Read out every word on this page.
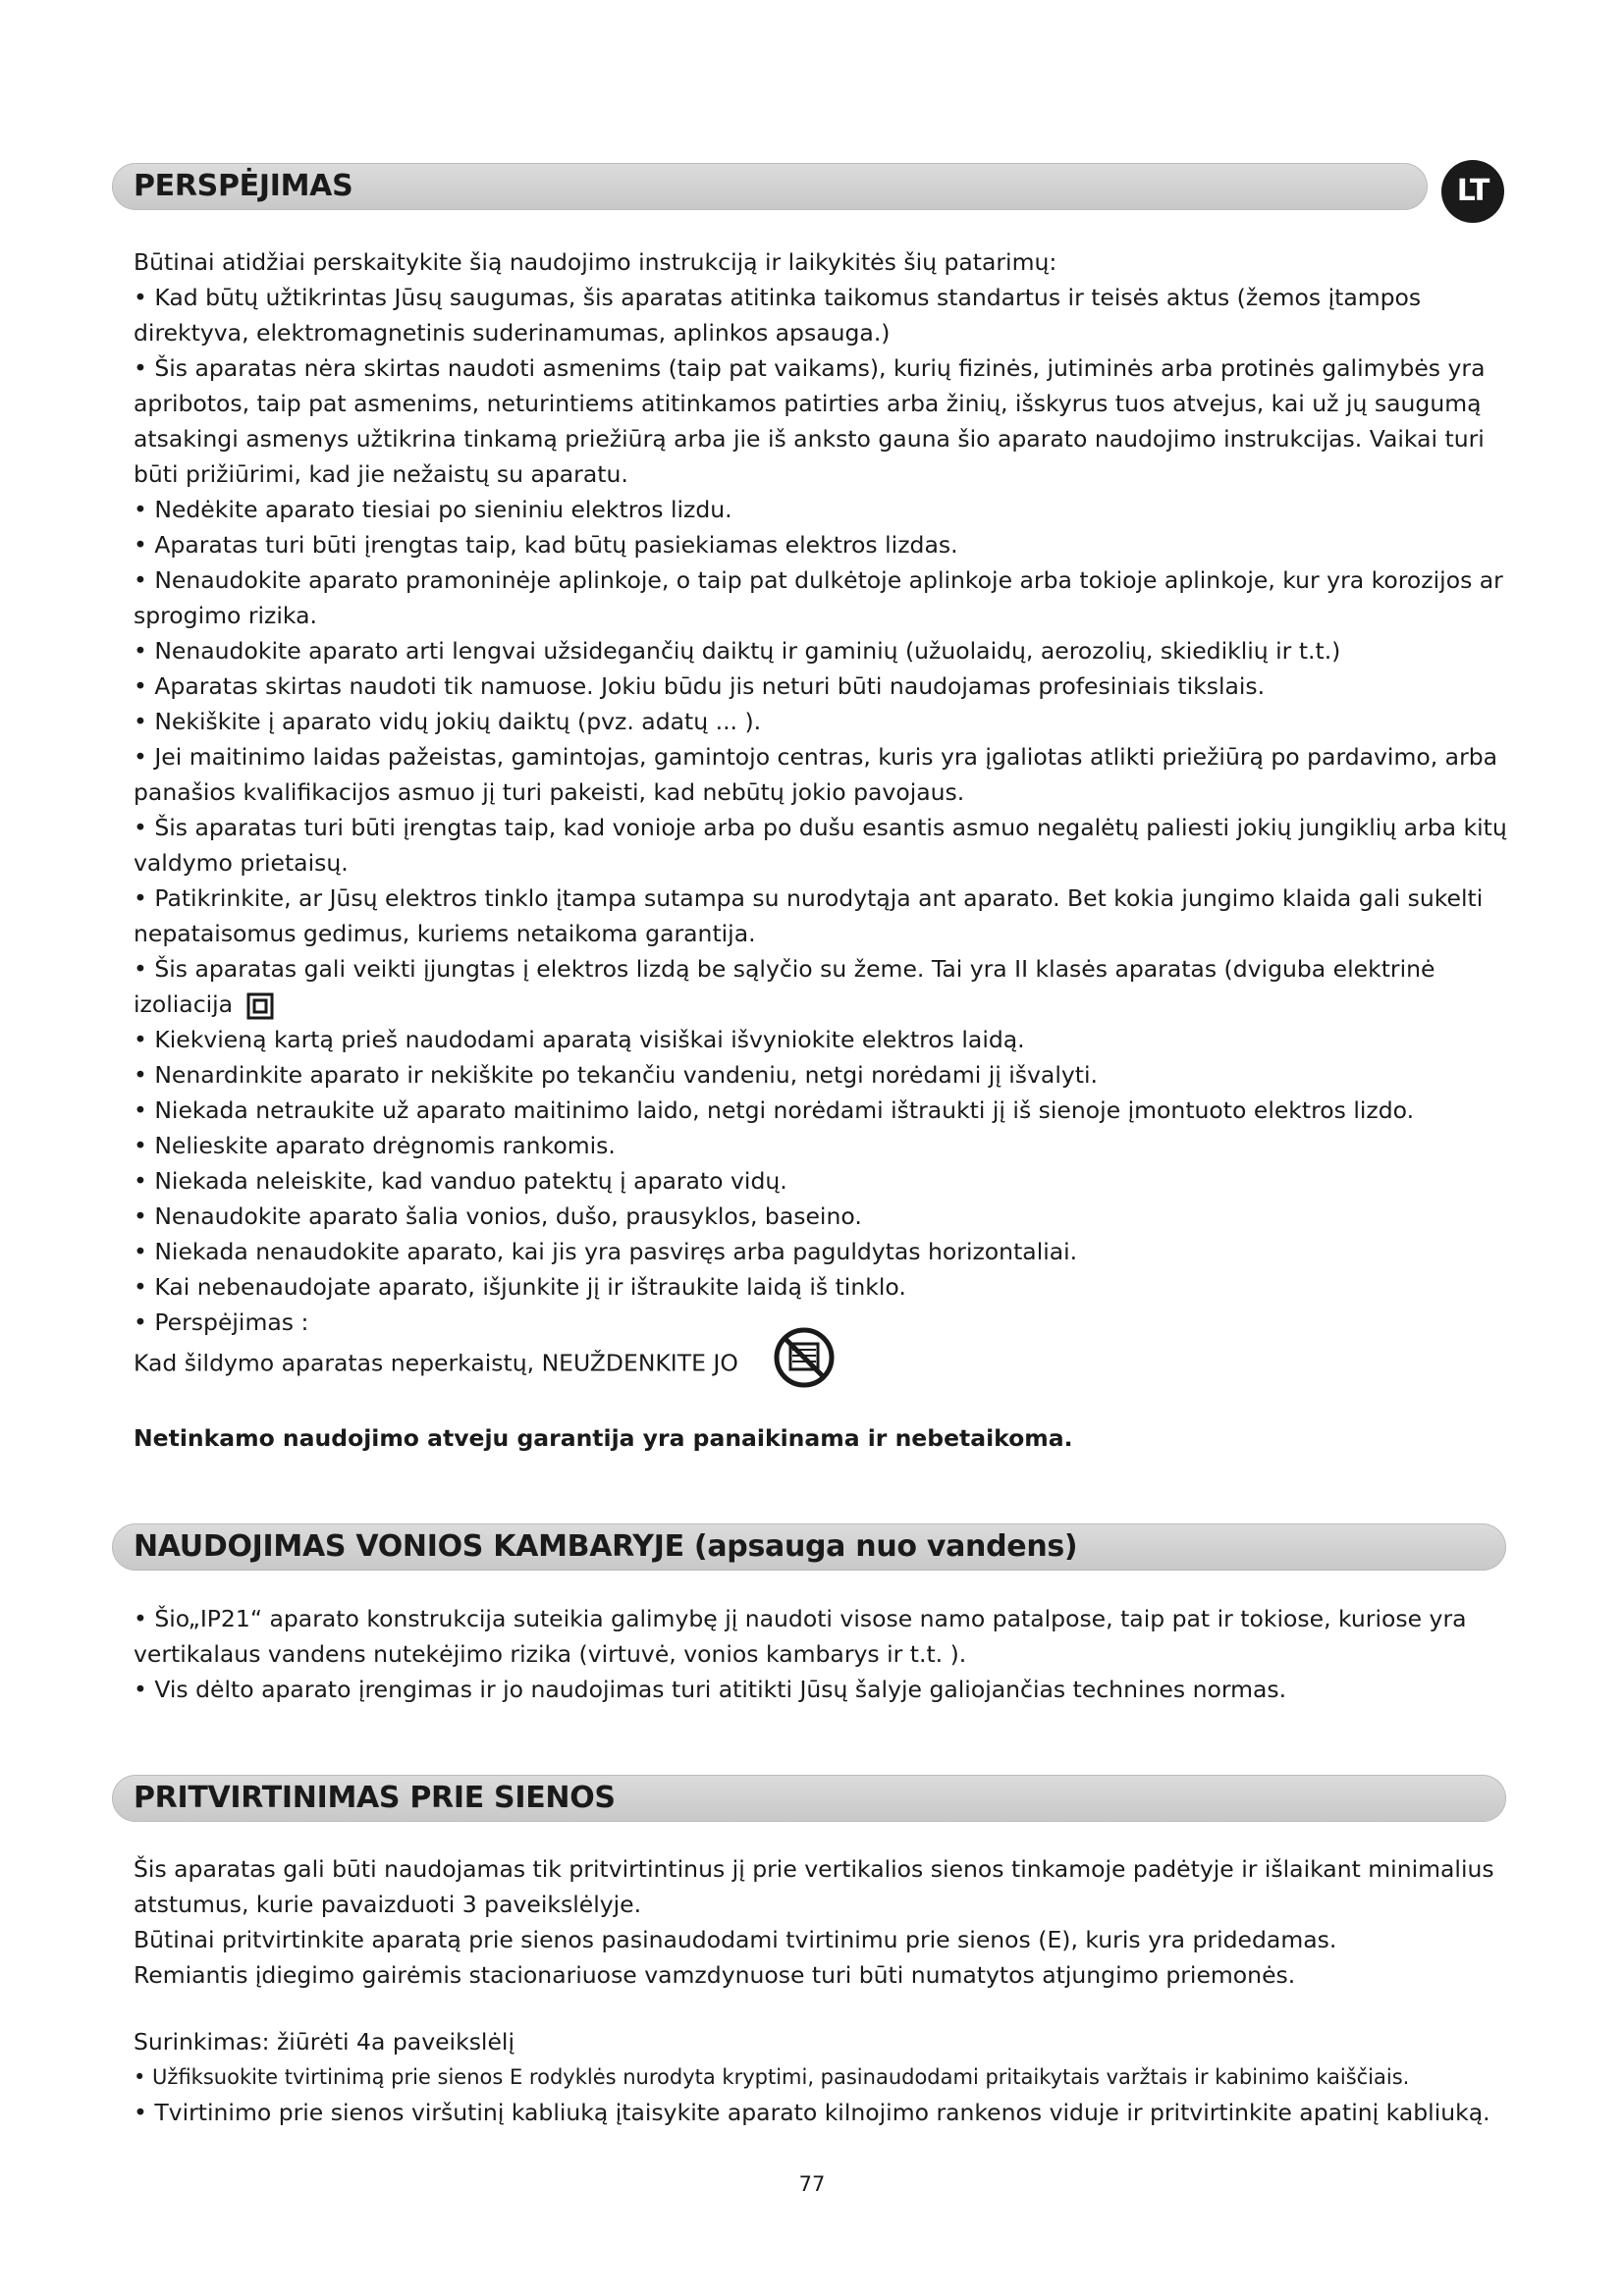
PERSPĖJIMAS	LT

Būtinai atidžiai perskaitykite šią naudojimo instrukciją ir laikykitės šių patarimų:

• Kad būtų užtikrintas Jūsų saugumas, šis aparatas atitinka taikomus standartus ir teisės aktus (žemos įtampos direktyva, elektromagnetinis suderinamumas, aplinkos apsauga.)

• Šis aparatas nėra skirtas naudoti asmenims (taip pat vaikams), kurių fizinės, jutiminės arba protinės galimybės yra apribotos, taip pat asmenims, neturintiems atitinkamos patirties arba žinių, išskyrus tuos atvejus, kai už jų saugumą atsakingi asmenys užtikrina tinkamą priežiūrą arba jie iš anksto gauna šio aparato naudojimo instrukcijas. Vaikai turi būti prižiūrimi, kad jie nežaistų su aparatu.

• Nedėkite aparato tiesiai po sieniniu elektros lizdu.

• Aparatas turi būti įrengtas taip, kad būtų pasiekiamas elektros lizdas.

• Nenaudokite aparato pramoninėje aplinkoje, o taip pat dulkėtoje aplinkoje arba tokioje aplinkoje, kur yra korozijos ar sprogimo rizika.

• Nenaudokite aparato arti lengvai užsidegančių daiktų ir gaminių (užuolaidų, aerozolių, skiediklių ir t.t.)

• Aparatas skirtas naudoti tik namuose. Jokiu būdu jis neturi būti naudojamas profesiniais tikslais.

• Nekiškite į aparato vidų jokių daiktų (pvz. adatų ... ).

• Jei maitinimo laidas pažeistas, gamintojas, gamintojo centras, kuris yra įgaliotas atlikti priežiūrą po pardavimo, arba panašios kvalifikacijos asmuo jį turi pakeisti, kad nebūtų jokio pavojaus.

• Šis aparatas turi būti įrengtas taip, kad vonioje arba po dušu esantis asmuo negalėtų paliesti jokių jungiklių arba kitų valdymo prietaisų.

• Patikrinkite, ar Jūsų elektros tinklo įtampa sutampa su nurodytąja ant aparato. Bet kokia jungimo klaida gali sukelti nepataisomus gedimus, kuriems netaikoma garantija.

• Šis aparatas gali veikti įjungtas į elektros lizdą be sąlyčio su žeme. Tai yra II klasės aparatas (dviguba elektrinė izoliacija

• Kiekvieną kartą prieš naudodami aparatą visiškai išvyniokite elektros laidą.

• Nenardinkite aparato ir nekiškite po tekančiu vandeniu, netgi norėdami jį išvalyti.

• Niekada netraukite už aparato maitinimo laido, netgi norėdami ištraukti jį iš sienoje įmontuoto elektros lizdo.

• Nelieskite aparato drėgnomis rankomis.

• Niekada neleiskite, kad vanduo patektų į aparato vidų.

• Nenaudokite aparato šalia vonios, dušo, prausyklos, baseino.

• Niekada nenaudokite aparato, kai jis yra pasviręs arba paguldytas horizontaliai.

• Kai nebenaudojate aparato, išjunkite jį ir ištraukite laidą iš tinklo.

• Perspėjimas :

Kad šildymo aparatas neperkaistų, NEUŽDENKITE JO

Netinkamo naudojimo atveju garantija yra panaikinama ir nebetaikoma.

NAUDOJIMAS VONIOS KAMBARYJE (apsauga nuo vandens)

• Šio„IP21“ aparato konstrukcija suteikia galimybę jį naudoti visose namo patalpose, taip pat ir tokiose, kuriose yra vertikalaus vandens nutekėjimo rizika (virtuvė, vonios kambarys ir t.t. ).

• Vis dėlto aparato įrengimas ir jo naudojimas turi atitikti Jūsų šalyje galiojančias technines normas.

PRITVIRTINIMAS PRIE SIENOS

Šis aparatas gali būti naudojamas tik pritvirtintinus jį prie vertikalios sienos tinkamoje padėtyje ir išlaikant minimalius atstumus, kurie pavaizduoti 3 paveikslėlyje.

Būtinai pritvirtinkite aparatą prie sienos pasinaudodami tvirtinimu prie sienos (E), kuris yra pridedamas.

Remiantis įdiegimo gairėmis stacionariuose vamzdynuose turi būti numatytos atjungimo priemonės.

Surinkimas: žiūrėti 4a paveikslėlį

• Užfiksuokite tvirtinimą prie sienos E rodyklės nurodyta kryptimi, pasinaudodami pritaikytais varžtais ir kabinimo kaiščiais.

• Tvirtinimo prie sienos viršutinį kabliuką įtaisykite aparato kilnojimo rankenos viduje ir pritvirtinkite apatinį kabliuką.

77
